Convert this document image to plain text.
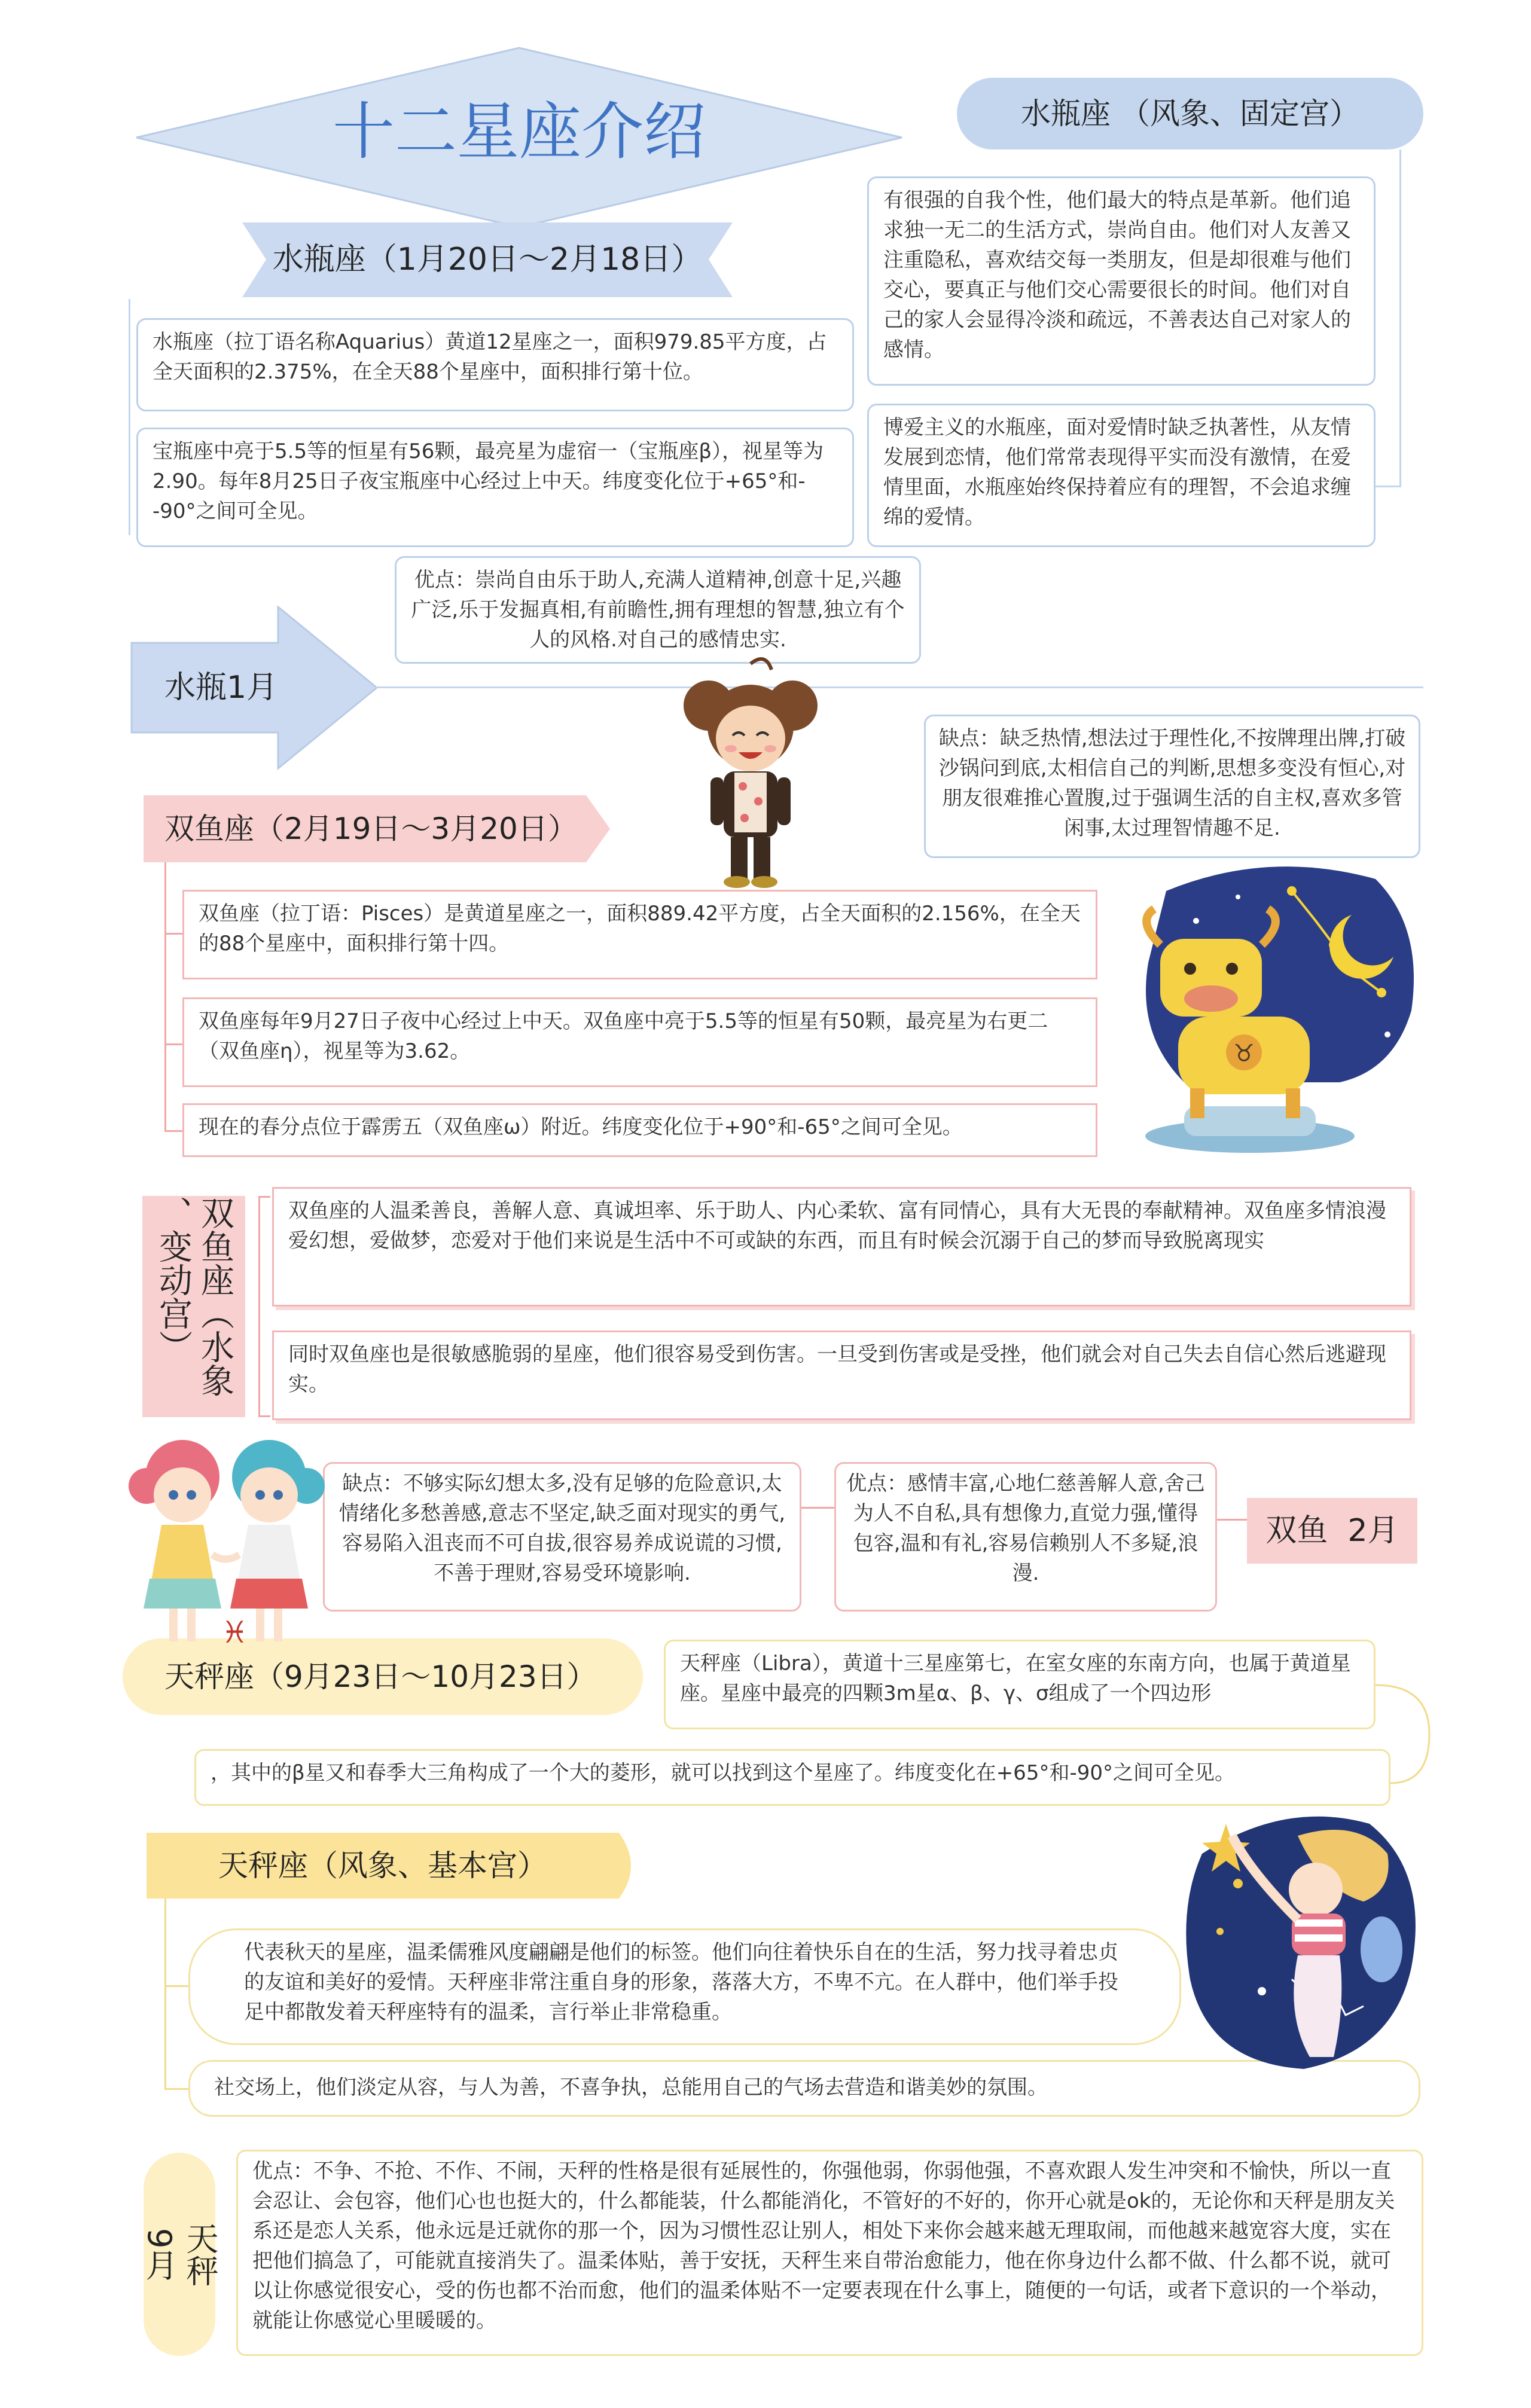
十二星座介绍
水瓶座（1月20日～2月18日）
水瓶座（拉丁语名称Aquarius）黄道12星座之一，面积979.85平方度，占全天面积的2.375%，在全天88个星座中，面积排行第十位。
宝瓶座中亮于5.5等的恒星有56颗，最亮星为虚宿一（宝瓶座β），视星等为2.90。每年8月25日子夜宝瓶座中心经过上中天。纬度变化位于+65°和--90°之间可全见。
水瓶座 （风象、固定宫）
有很强的自我个性，他们最大的特点是革新。他们追求独一无二的生活方式，崇尚自由。他们对人友善又注重隐私，喜欢结交每一类朋友，但是却很难与他们交心，要真正与他们交心需要很长的时间。他们对自己的家人会显得冷淡和疏远，不善表达自己对家人的感情。
博爱主义的水瓶座，面对爱情时缺乏执著性，从友情发展到恋情，他们常常表现得平实而没有激情，在爱情里面，水瓶座始终保持着应有的理智，不会追求缠绵的爱情。
优点：崇尚自由乐于助人,充满人道精神,创意十足,兴趣广泛,乐于发掘真相,有前瞻性,拥有理想的智慧,独立有个人的风格.对自己的感情忠实.
水瓶1月
缺点：缺乏热情,想法过于理性化,不按牌理出牌,打破沙锅问到底,太相信自己的判断,思想多变没有恒心,对朋友很难推心置腹,过于强调生活的自主权,喜欢多管闲事,太过理智情趣不足.
双鱼座（2月19日～3月20日）
双鱼座（拉丁语：Pisces）是黄道星座之一，面积889.42平方度，占全天面积的2.156%，在全天的88个星座中，面积排行第十四。
双鱼座每年9月27日子夜中心经过上中天。双鱼座中亮于5.5等的恒星有50颗，最亮星为右更二（双鱼座η），视星等为3.62。
现在的春分点位于霹雳五（双鱼座ω）附近。纬度变化位于+90°和-65°之间可全见。
双鱼座（水象
、变动宫）	双鱼座的人温柔善良，善解人意、真诚坦率、乐于助人、内心柔软、富有同情心，具有大无畏的奉献精神。双鱼座多情浪漫爱幻想，爱做梦，恋爱对于他们来说是生活中不可或缺的东西，而且有时候会沉溺于自己的梦而导致脱离现实
同时双鱼座也是很敏感脆弱的星座，他们很容易受到伤害。一旦受到伤害或是受挫，他们就会对自己失去自信心然后逃避现实。
缺点：不够实际幻想太多,没有足够的危险意识,太情绪化多愁善感,意志不坚定,缺乏面对现实的勇气,容易陷入沮丧而不可自拔,很容易养成说谎的习惯,不善于理财,容易受环境影响.
优点：感情丰富,心地仁慈善解人意,舍己为人不自私,具有想像力,直觉力强,懂得包容,温和有礼,容易信赖别人不多疑,浪漫.
双鱼  2月
天秤座（9月23日～10月23日）	天秤座（Libra），黄道十三星座第七，在室女座的东南方向，也属于黄道星座。星座中最亮的四颗3m星α、β、γ、σ组成了一个四边形
，其中的β星又和春季大三角构成了一个大的菱形，就可以找到这个星座了。纬度变化在+65°和-90°之间可全见。
天秤座（风象、基本宫）
代表秋天的星座，温柔儒雅风度翩翩是他们的标签。他们向往着快乐自在的生活，努力找寻着忠贞的友谊和美好的爱情。天秤座非常注重自身的形象，落落大方，不卑不亢。在人群中，他们举手投足中都散发着天秤座特有的温柔，言行举止非常稳重。
社交场上，他们淡定从容，与人为善，不喜争执，总能用自己的气场去营造和谐美妙的氛围。
天秤
9月
优点：不争、不抢、不作、不闹，天秤的性格是很有延展性的，你强他弱，你弱他强，不喜欢跟人发生冲突和不愉快，所以一直会忍让、会包容，他们心也也挺大的，什么都能装，什么都能消化，不管好的不好的，你开心就是ok的，无论你和天秤是朋友关系还是恋人关系，他永远是迁就你的那一个，因为习惯性忍让别人，相处下来你会越来越无理取闹，而他越来越宽容大度，实在把他们搞急了，可能就直接消失了。温柔体贴，善于安抚，天秤生来自带治愈能力，他在你身边什么都不做、什么都不说，就可以让你感觉很安心，受的伤也都不治而愈，他们的温柔体贴不一定要表现在什么事上，随便的一句话，或者下意识的一个举动，就能让你感觉心里暖暖的。
♉
♓
